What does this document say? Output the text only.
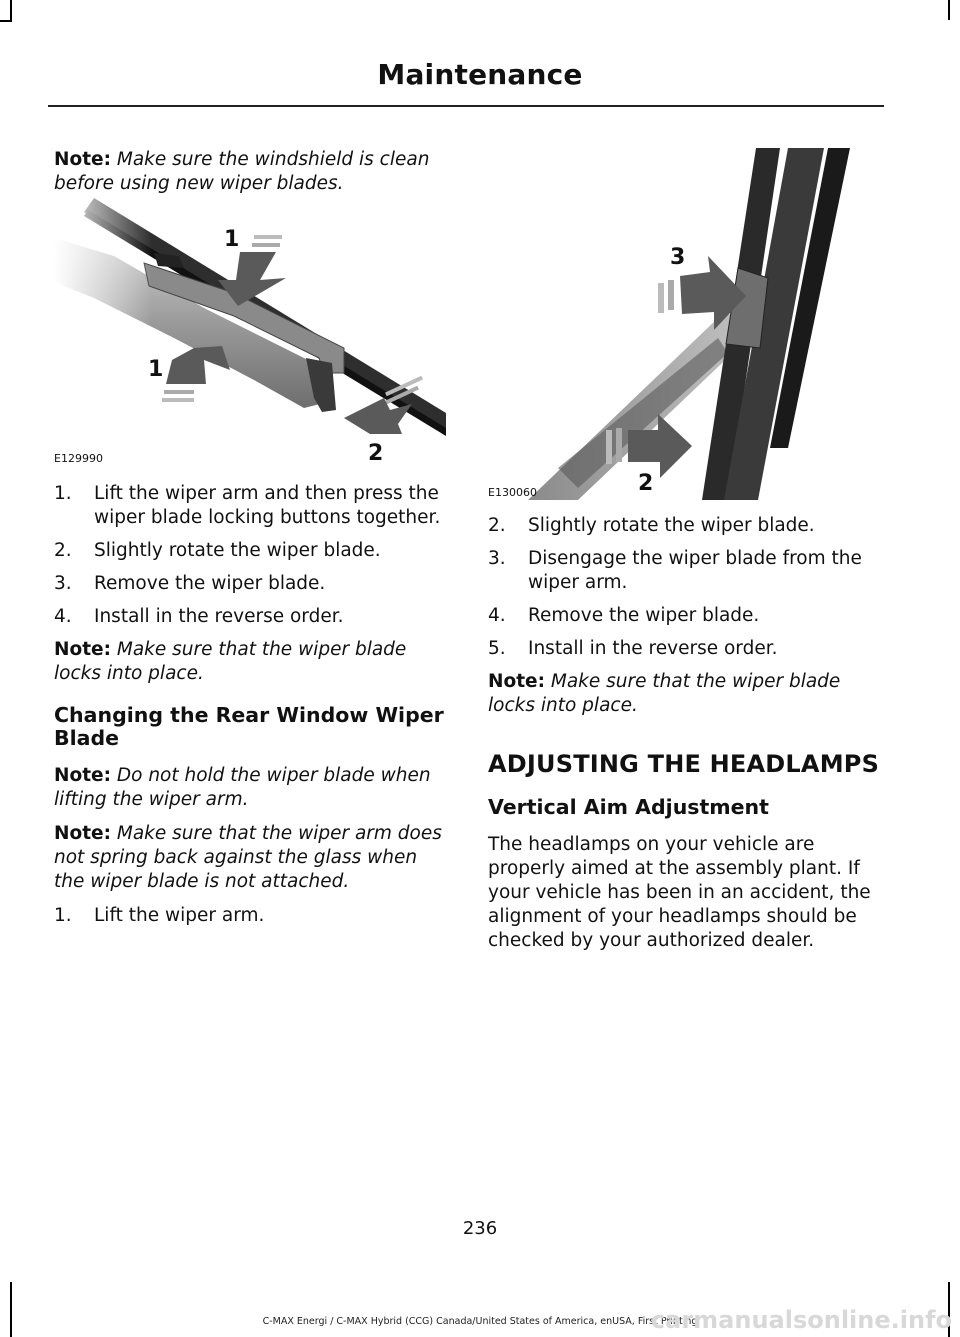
Maintenance

Note: Make sure the windshield is clean before using new wiper blades.

1
1
2
E129990
1.	Lift the wiper arm and then press the wiper blade locking buttons together.
2.	Slightly rotate the wiper blade.
3.	Remove the wiper blade.
4.	Install in the reverse order.

Note: Make sure that the wiper blade locks into place.

Changing the Rear Window Wiper Blade

Note: Do not hold the wiper blade when lifting the wiper arm.

Note: Make sure that the wiper arm does not spring back against the glass when the wiper blade is not attached.

1.	Lift the wiper arm.
3
2
E130060
2.	Slightly rotate the wiper blade.
3.	Disengage the wiper blade from the wiper arm.
4.	Remove the wiper blade.
5.	Install in the reverse order.

Note: Make sure that the wiper blade locks into place.

ADJUSTING THE HEADLAMPS
Vertical Aim Adjustment

The headlamps on your vehicle are properly aimed at the assembly plant. If your vehicle has been in an accident, the alignment of your headlamps should be checked by your authorized dealer.

236
C-MAX Energi / C-MAX Hybrid (CCG) Canada/United States of America, enUSA, First Printing
carmanualsonline.info
